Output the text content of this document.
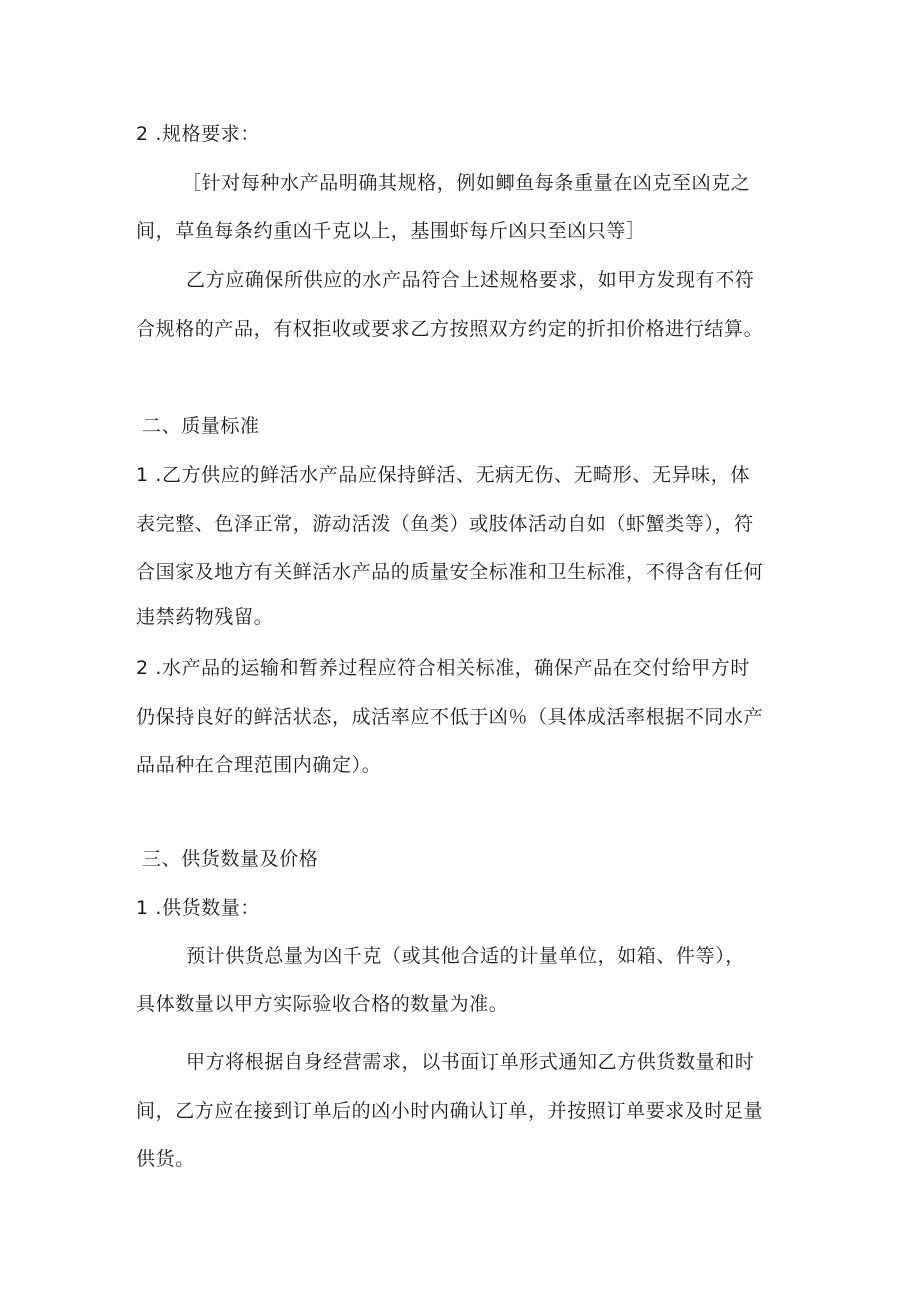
2 .规格要求：
［针对每种水产品明确其规格，例如鲫鱼每条重量在凶克至凶克之
间，草鱼每条约重凶千克以上，基围虾每斤凶只至凶只等］
乙方应确保所供应的水产品符合上述规格要求，如甲方发现有不符
合规格的产品，有权拒收或要求乙方按照双方约定的折扣价格进行结算。
二、质量标准
1 .乙方供应的鲜活水产品应保持鲜活、无病无伤、无畸形、无异味，体
表完整、色泽正常，游动活泼（鱼类）或肢体活动自如（虾蟹类等），符
合国家及地方有关鲜活水产品的质量安全标准和卫生标准，不得含有任何
违禁药物残留。
2 .水产品的运输和暂养过程应符合相关标准，确保产品在交付给甲方时
仍保持良好的鲜活状态，成活率应不低于凶％（具体成活率根据不同水产
品品种在合理范围内确定）。
三、供货数量及价格
1 .供货数量：
预计供货总量为凶千克（或其他合适的计量单位，如箱、件等），
具体数量以甲方实际验收合格的数量为准。
甲方将根据自身经营需求，以书面订单形式通知乙方供货数量和时
间，乙方应在接到订单后的凶小时内确认订单，并按照订单要求及时足量
供货。
